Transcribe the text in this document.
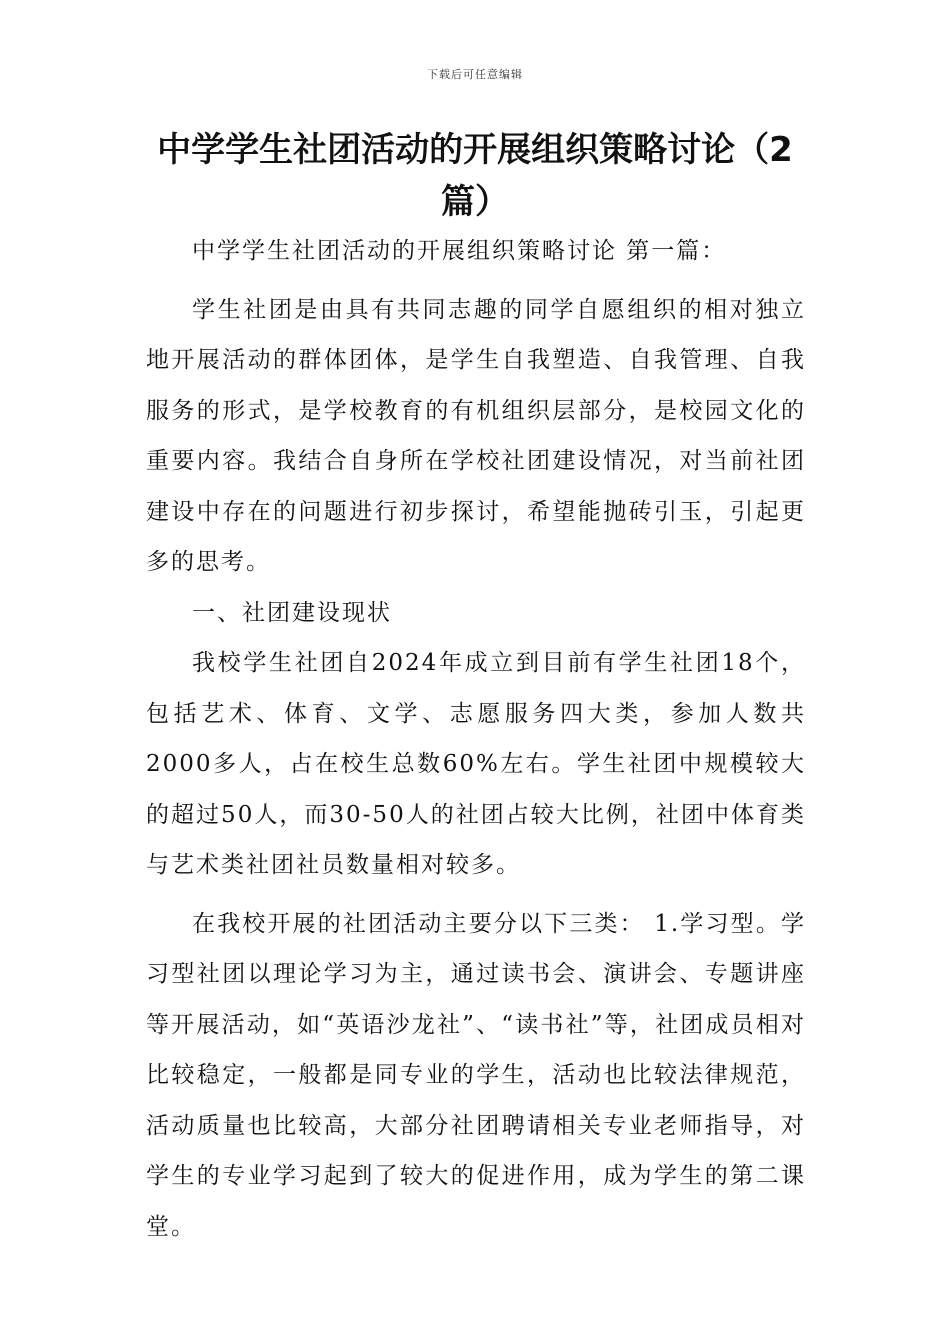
下载后可任意编辑
中学学生社团活动的开展组织策略讨论（2篇）

中学学生社团活动的开展组织策略讨论 第一篇：

学生社团是由具有共同志趣的同学自愿组织的相对独立地开展活动的群体团体，是学生自我塑造、自我管理、自我服务的形式，是学校教育的有机组织层部分，是校园文化的重要内容。我结合自身所在学校社团建设情况，对当前社团建设中存在的问题进行初步探讨，希望能抛砖引玉，引起更多的思考。

一、社团建设现状

我校学生社团自2024年成立到目前有学生社团18个，包括艺术、体育、文学、志愿服务四大类，参加人数共2000多人，占在校生总数60%左右。学生社团中规模较大的超过50人，而30-50人的社团占较大比例，社团中体育类与艺术类社团社员数量相对较多。

在我校开展的社团活动主要分以下三类： 1.学习型。学习型社团以理论学习为主，通过读书会、演讲会、专题讲座等开展活动，如“英语沙龙社”、“读书社”等，社团成员相对比较稳定，一般都是同专业的学生，活动也比较法律规范，活动质量也比较高，大部分社团聘请相关专业老师指导，对学生的专业学习起到了较大的促进作用，成为学生的第二课堂。
